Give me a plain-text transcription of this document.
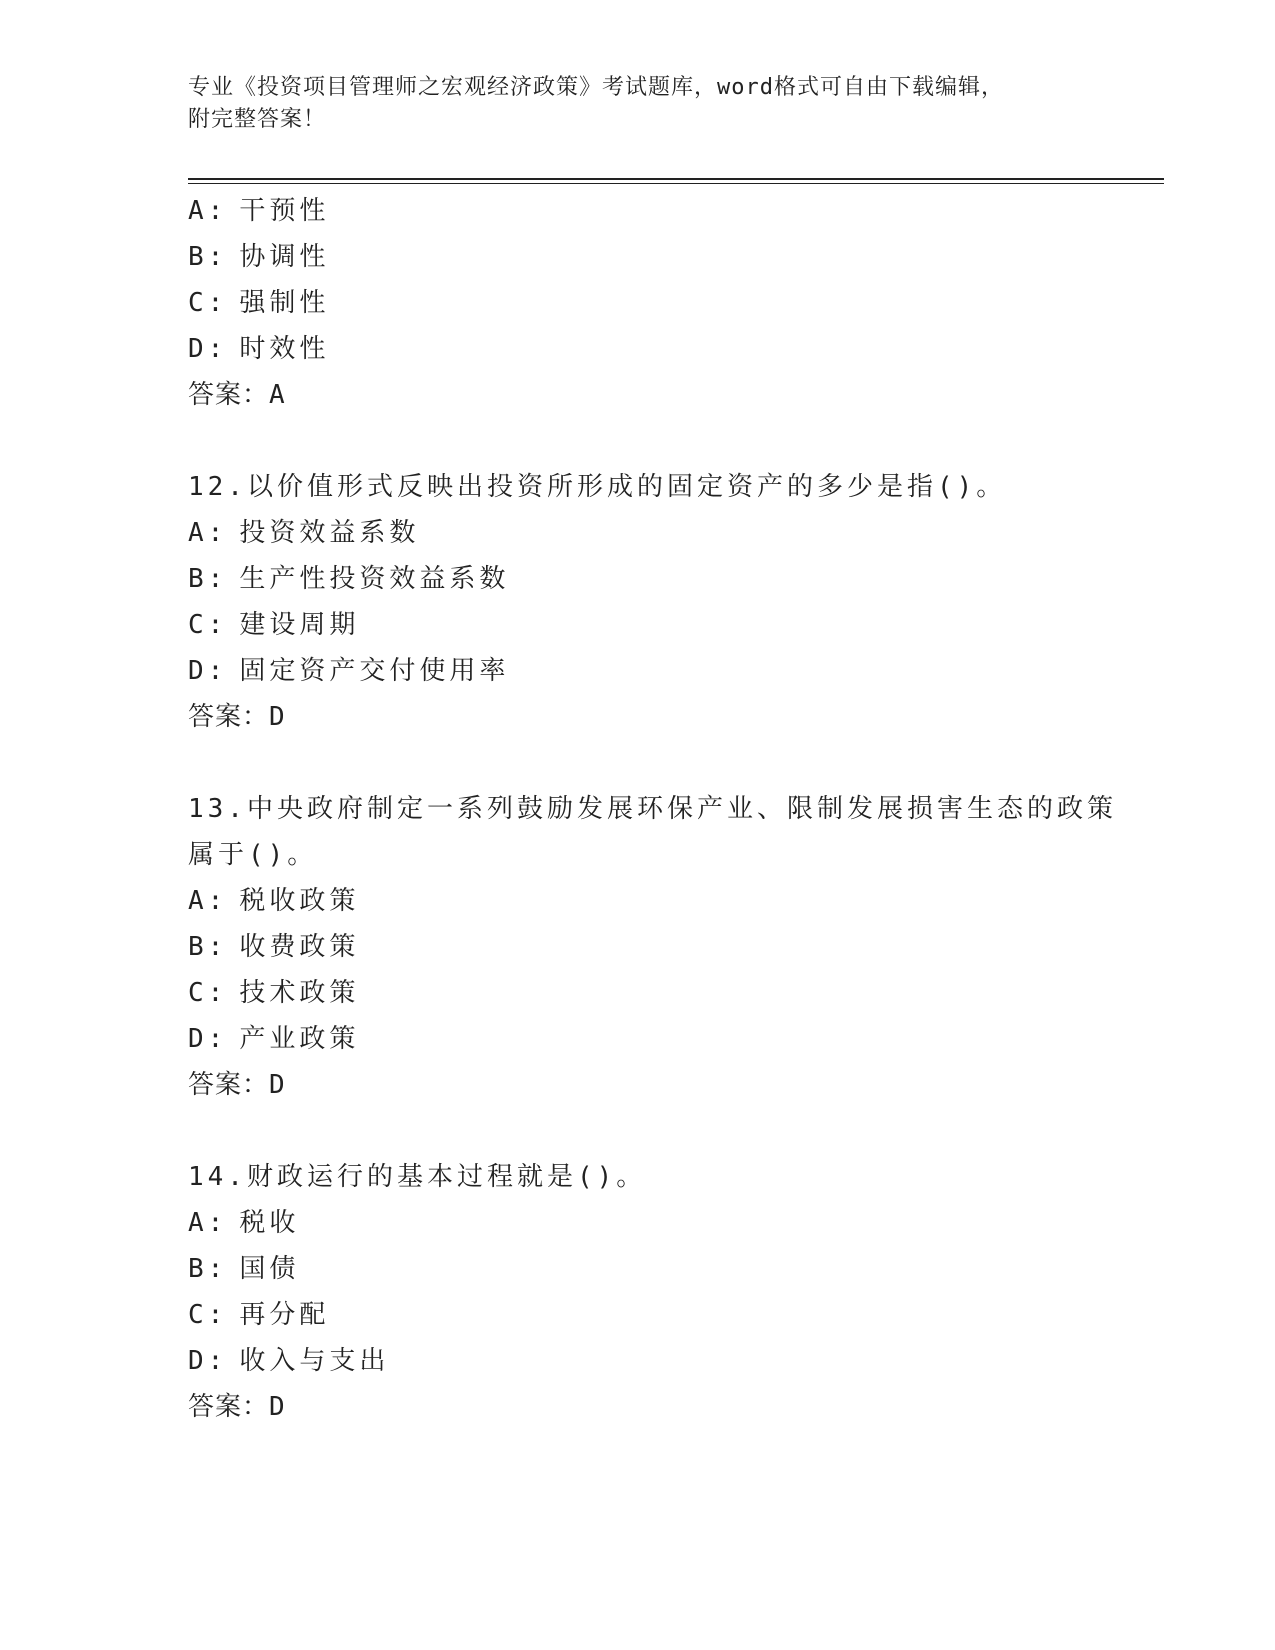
专业《投资项目管理师之宏观经济政策》考试题库，word格式可自由下载编辑，
附完整答案！
A: 干预性
B: 协调性
C: 强制性
D: 时效性
答案：A
12.以价值形式反映出投资所形成的固定资产的多少是指()。
A: 投资效益系数
B: 生产性投资效益系数
C: 建设周期
D: 固定资产交付使用率
答案：D
13.中央政府制定一系列鼓励发展环保产业、限制发展损害生态的政策
属于()。
A: 税收政策
B: 收费政策
C: 技术政策
D: 产业政策
答案：D
14.财政运行的基本过程就是()。
A: 税收
B: 国债
C: 再分配
D: 收入与支出
答案：D
